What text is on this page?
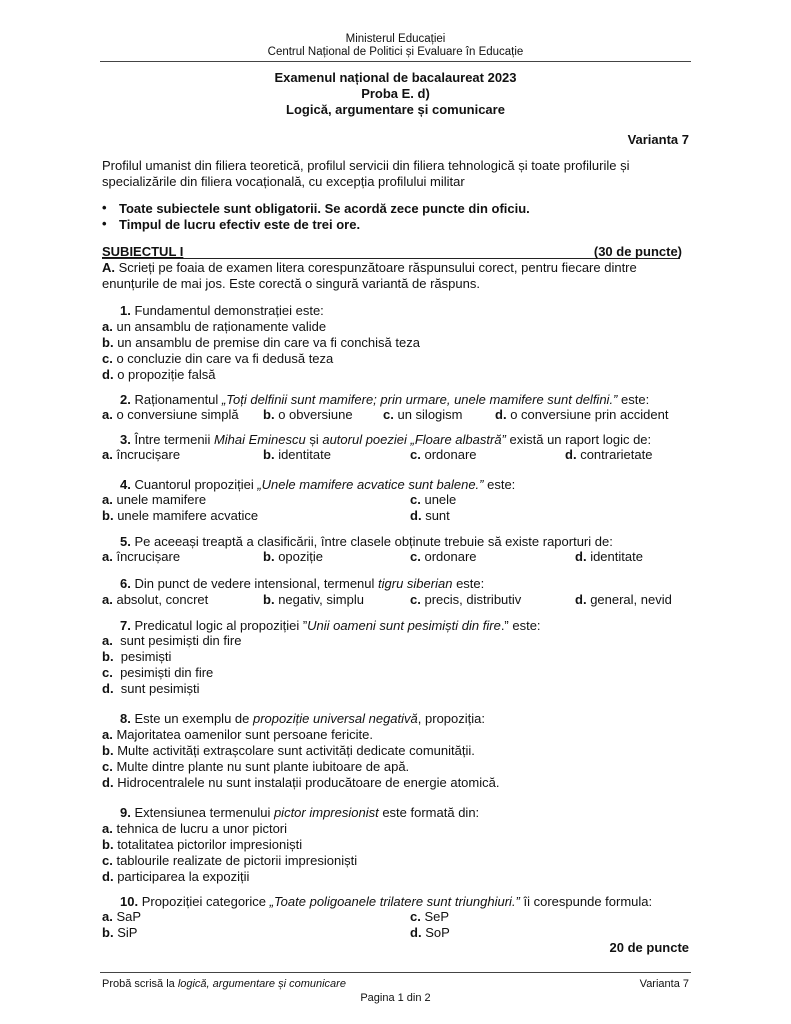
Ministerul Educației
Centrul Național de Politici și Evaluare în Educație
Examenul național de bacalaureat 2023
Proba E. d)
Logică, argumentare și comunicare
Varianta 7
Profilul umanist din filiera teoretică, profilul servicii din filiera tehnologică și toate profilurile și
specializările din filiera vocațională, cu excepția profilului militar
• Toate subiectele sunt obligatorii. Se acordă zece puncte din oficiu.
• Timpul de lucru efectiv este de trei ore.
SUBIECTUL I	(30 de puncte)
A. Scrieți pe foaia de examen litera corespunzătoare răspunsului corect, pentru fiecare dintre
enunțurile de mai jos. Este corectă o singură variantă de răspuns.
1. Fundamentul demonstrației este:
a. un ansamblu de raționamente valide
b. un ansamblu de premise din care va fi conchisă teza
c. o concluzie din care va fi dedusă teza
d. o propoziție falsă
2. Raționamentul „Toți delfinii sunt mamifere; prin urmare, unele mamifere sunt delfini.” este:
a. o conversiune simplă b. o obversiune c. un silogism	d. o conversiune prin accident
3. Între termenii Mihai Eminescu și autorul poeziei „Floare albastră” există un raport logic de:
a. încrucișare	b. identitate	c. ordonare	d. contrarietate
4. Cuantorul propoziției „Unele mamifere acvatice sunt balene.” este:
a. unele mamifere
b. unele mamifere acvatice
c. unele
d. sunt
5. Pe aceeași treaptă a clasificării, între clasele obținute trebuie să existe raporturi de:
a. încrucișare	b. opoziție	c. ordonare	d. identitate
6. Din punct de vedere intensional, termenul tigru siberian este:
a. absolut, concret	b. negativ, simplu	c. precis, distributiv	d. general, nevid
7. Predicatul logic al propoziției ”Unii oameni sunt pesimiști din fire.” este:
a. sunt pesimiști din fire
b. pesimiști
c. pesimiști din fire
d. sunt pesimiști
8. Este un exemplu de propoziție universal negativă, propoziția:
a. Majoritatea oamenilor sunt persoane fericite.
b. Multe activități extrașcolare sunt activități dedicate comunității.
c. Multe dintre plante nu sunt plante iubitoare de apă.
d. Hidrocentralele nu sunt instalații producătoare de energie atomică.
9. Extensiunea termenului pictor impresionist este formată din:
a. tehnica de lucru a unor pictori
b. totalitatea pictorilor impresioniști
c. tablourile realizate de pictorii impresioniști
d. participarea la expoziții
10. Propoziției categorice „Toate poligoanele trilatere sunt triunghiuri.” îi corespunde formula:
a. SaP
b. SiP
c. SeP
d. SoP
20 de puncte
Probă scrisă la logică, argumentare și comunicare	Varianta 7
Pagina 1 din 2
